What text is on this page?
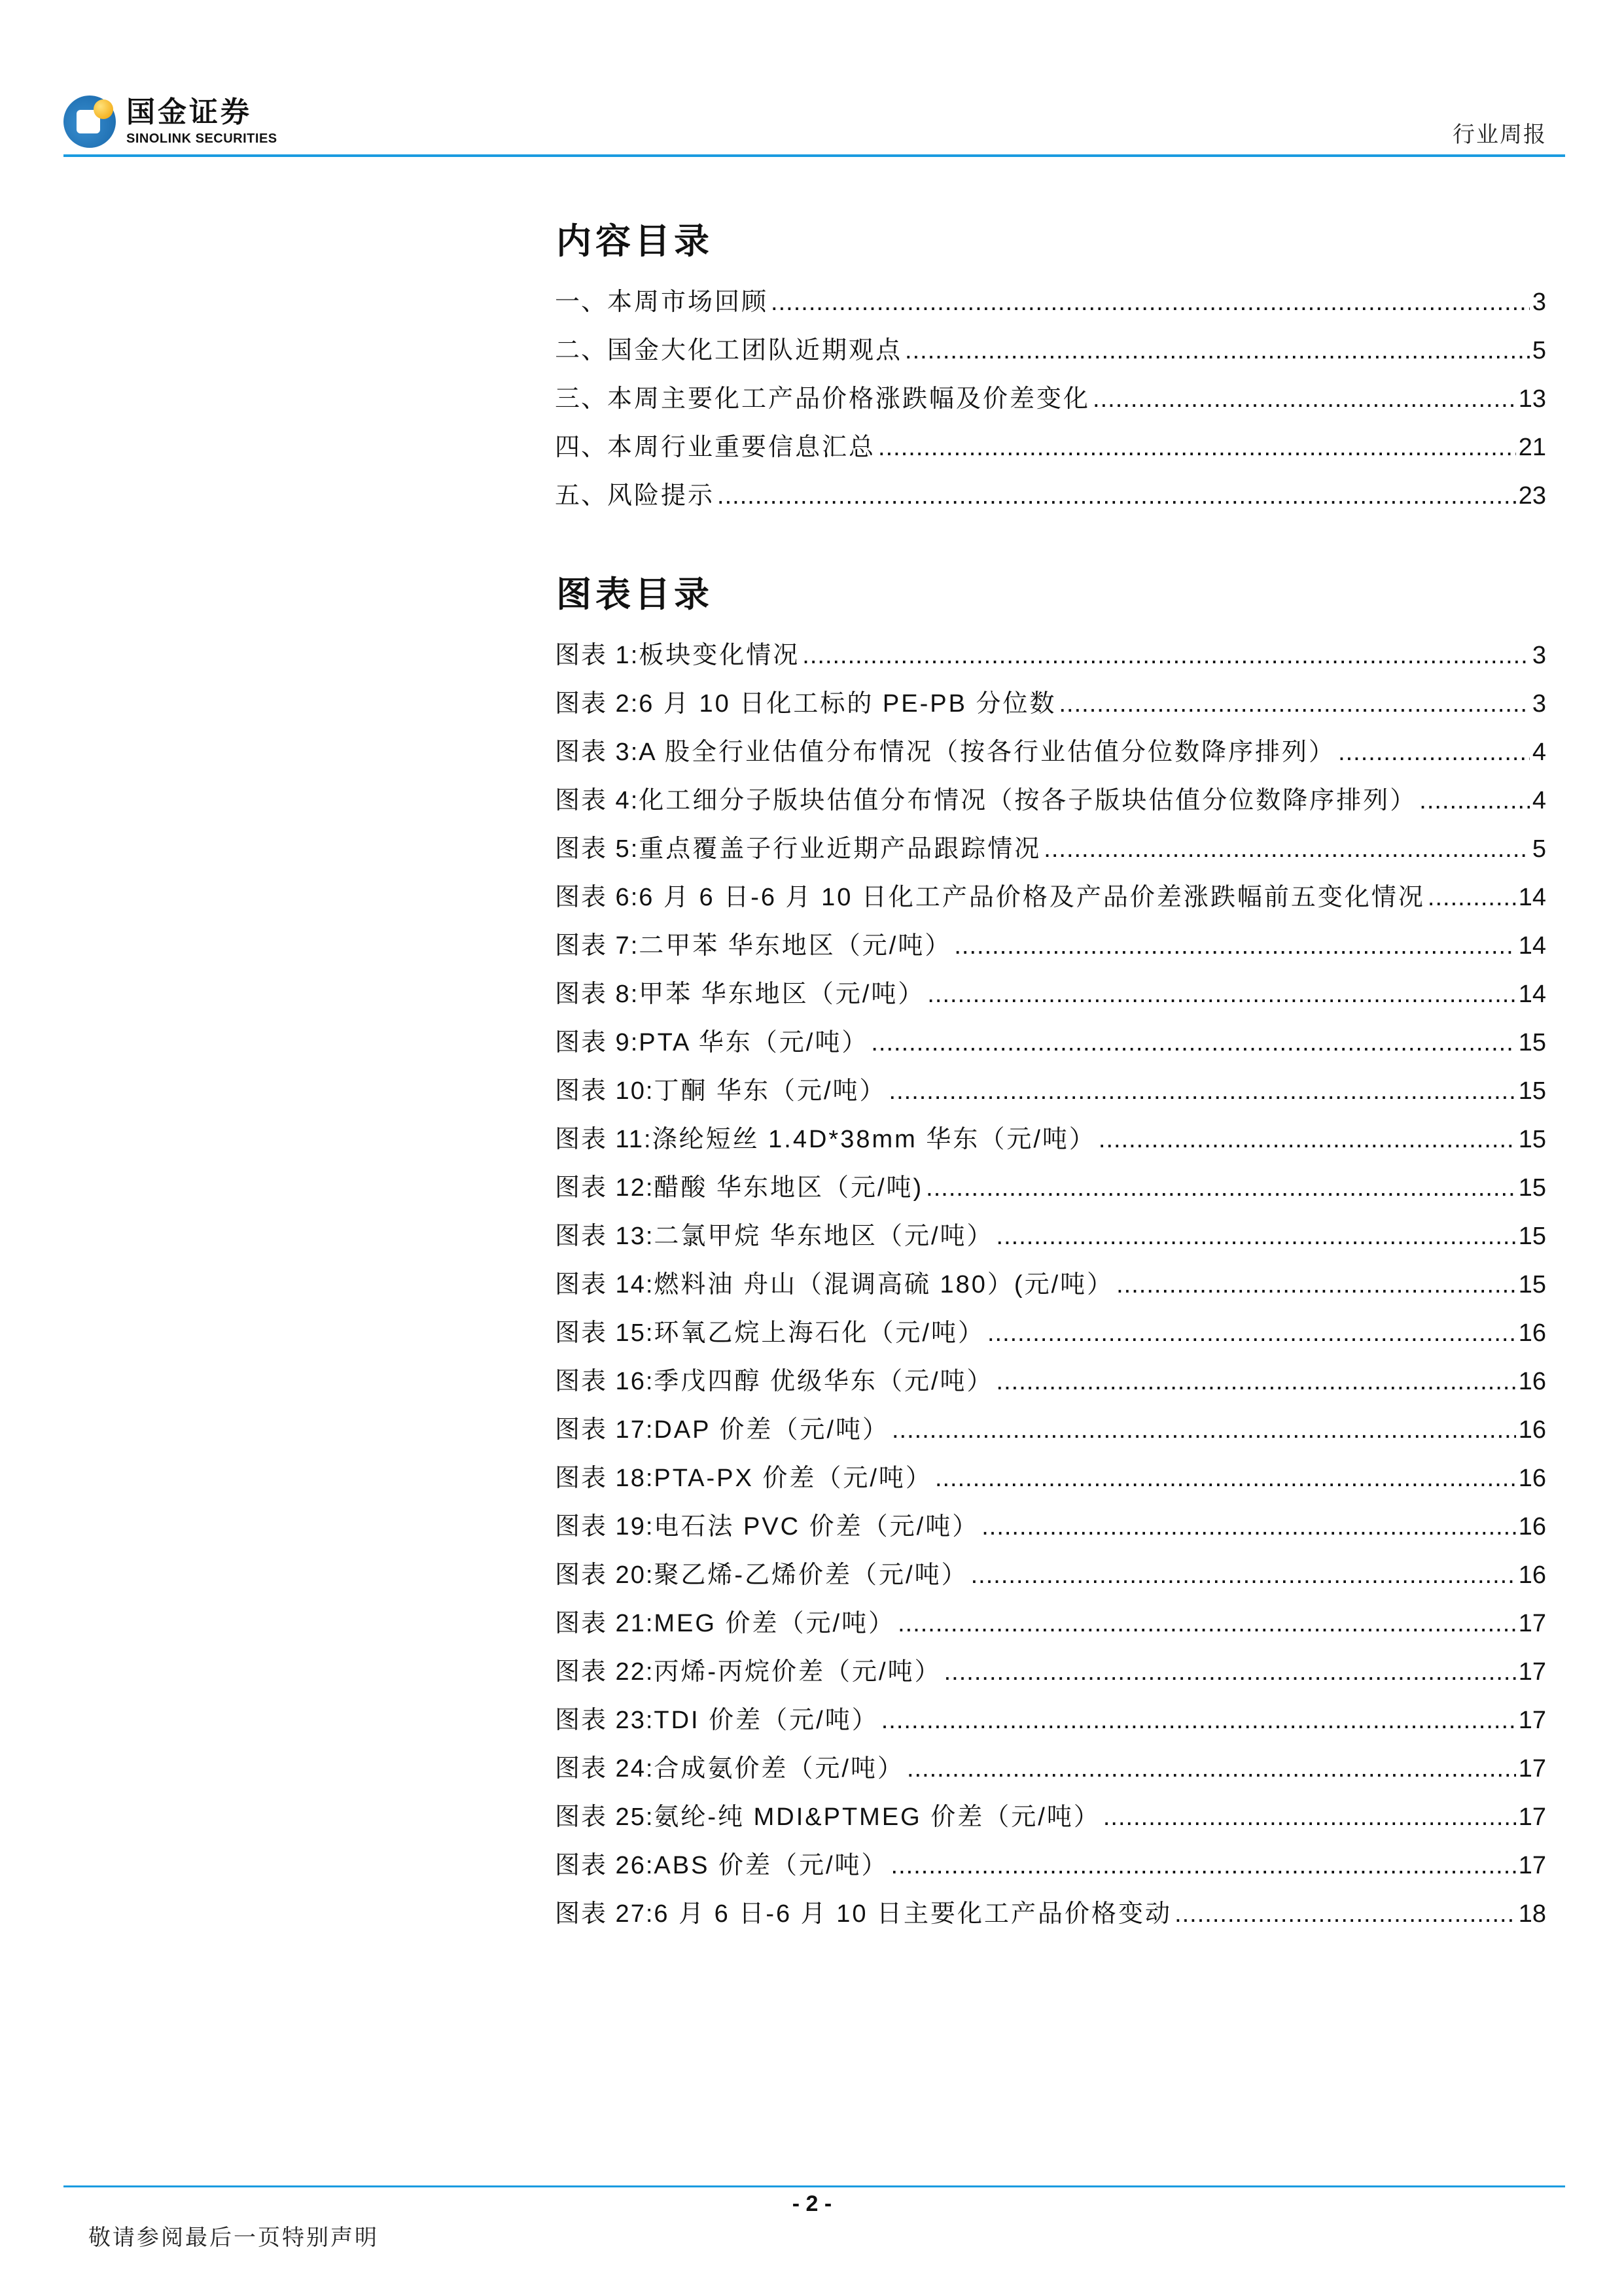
国金证券
SINOLINK SECURITIES	行业周报
内容目录
一、 本周市场回顾 .....	3
二、 国金大化工团队近期观点 .....	5
三、 本周主要化工产品价格涨跌幅及价差变化 .....	13
四、 本周行业重要信息汇总 .....	21
五、 风险提示 .....	23
图表目录
图表 1: 板块变化情况 .....	3
图表 2: 6 月 10 日化工标的 PE-PB 分位数 .....	3
图表 3: A 股全行业估值分布情况（按各行业估值分位数降序排列） .....	4
图表 4: 化工细分子版块估值分布情况（按各子版块估值分位数降序排列） .....	4
图表 5: 重点覆盖子行业近期产品跟踪情况 .....	5
图表 6: 6 月 6 日-6 月 10 日化工产品价格及产品价差涨跌幅前五变化情况 .....	14
图表 7: 二甲苯 华东地区（元/吨） .....	14
图表 8: 甲苯 华东地区（元/吨） .....	14
图表 9: PTA 华东（元/吨） .....	15
图表 10: 丁酮 华东（元/吨） .....	15
图表 11: 涤纶短丝 1.4D*38mm 华东（元/吨） .....	15
图表 12: 醋酸 华东地区（元/吨) .....	15
图表 13: 二氯甲烷 华东地区（元/吨） .....	15
图表 14: 燃料油 舟山（混调高硫 180）(元/吨） .....	15
图表 15: 环氧乙烷上海石化（元/吨） .....	16
图表 16: 季戊四醇 优级华东（元/吨） .....	16
图表 17: DAP 价差（元/吨） .....	16
图表 18: PTA-PX 价差（元/吨） .....	16
图表 19: 电石法 PVC 价差（元/吨） .....	16
图表 20: 聚乙烯-乙烯价差（元/吨） .....	16
图表 21: MEG 价差（元/吨） .....	17
图表 22: 丙烯-丙烷价差（元/吨） .....	17
图表 23: TDI 价差（元/吨） .....	17
图表 24: 合成氨价差（元/吨） .....	17
图表 25: 氨纶-纯 MDI&PTMEG 价差（元/吨） .....	17
图表 26: ABS 价差（元/吨） .....	17
图表 27: 6 月 6 日-6 月 10 日主要化工产品价格变动 .....	18
- 2 -
敬请参阅最后一页特别声明
